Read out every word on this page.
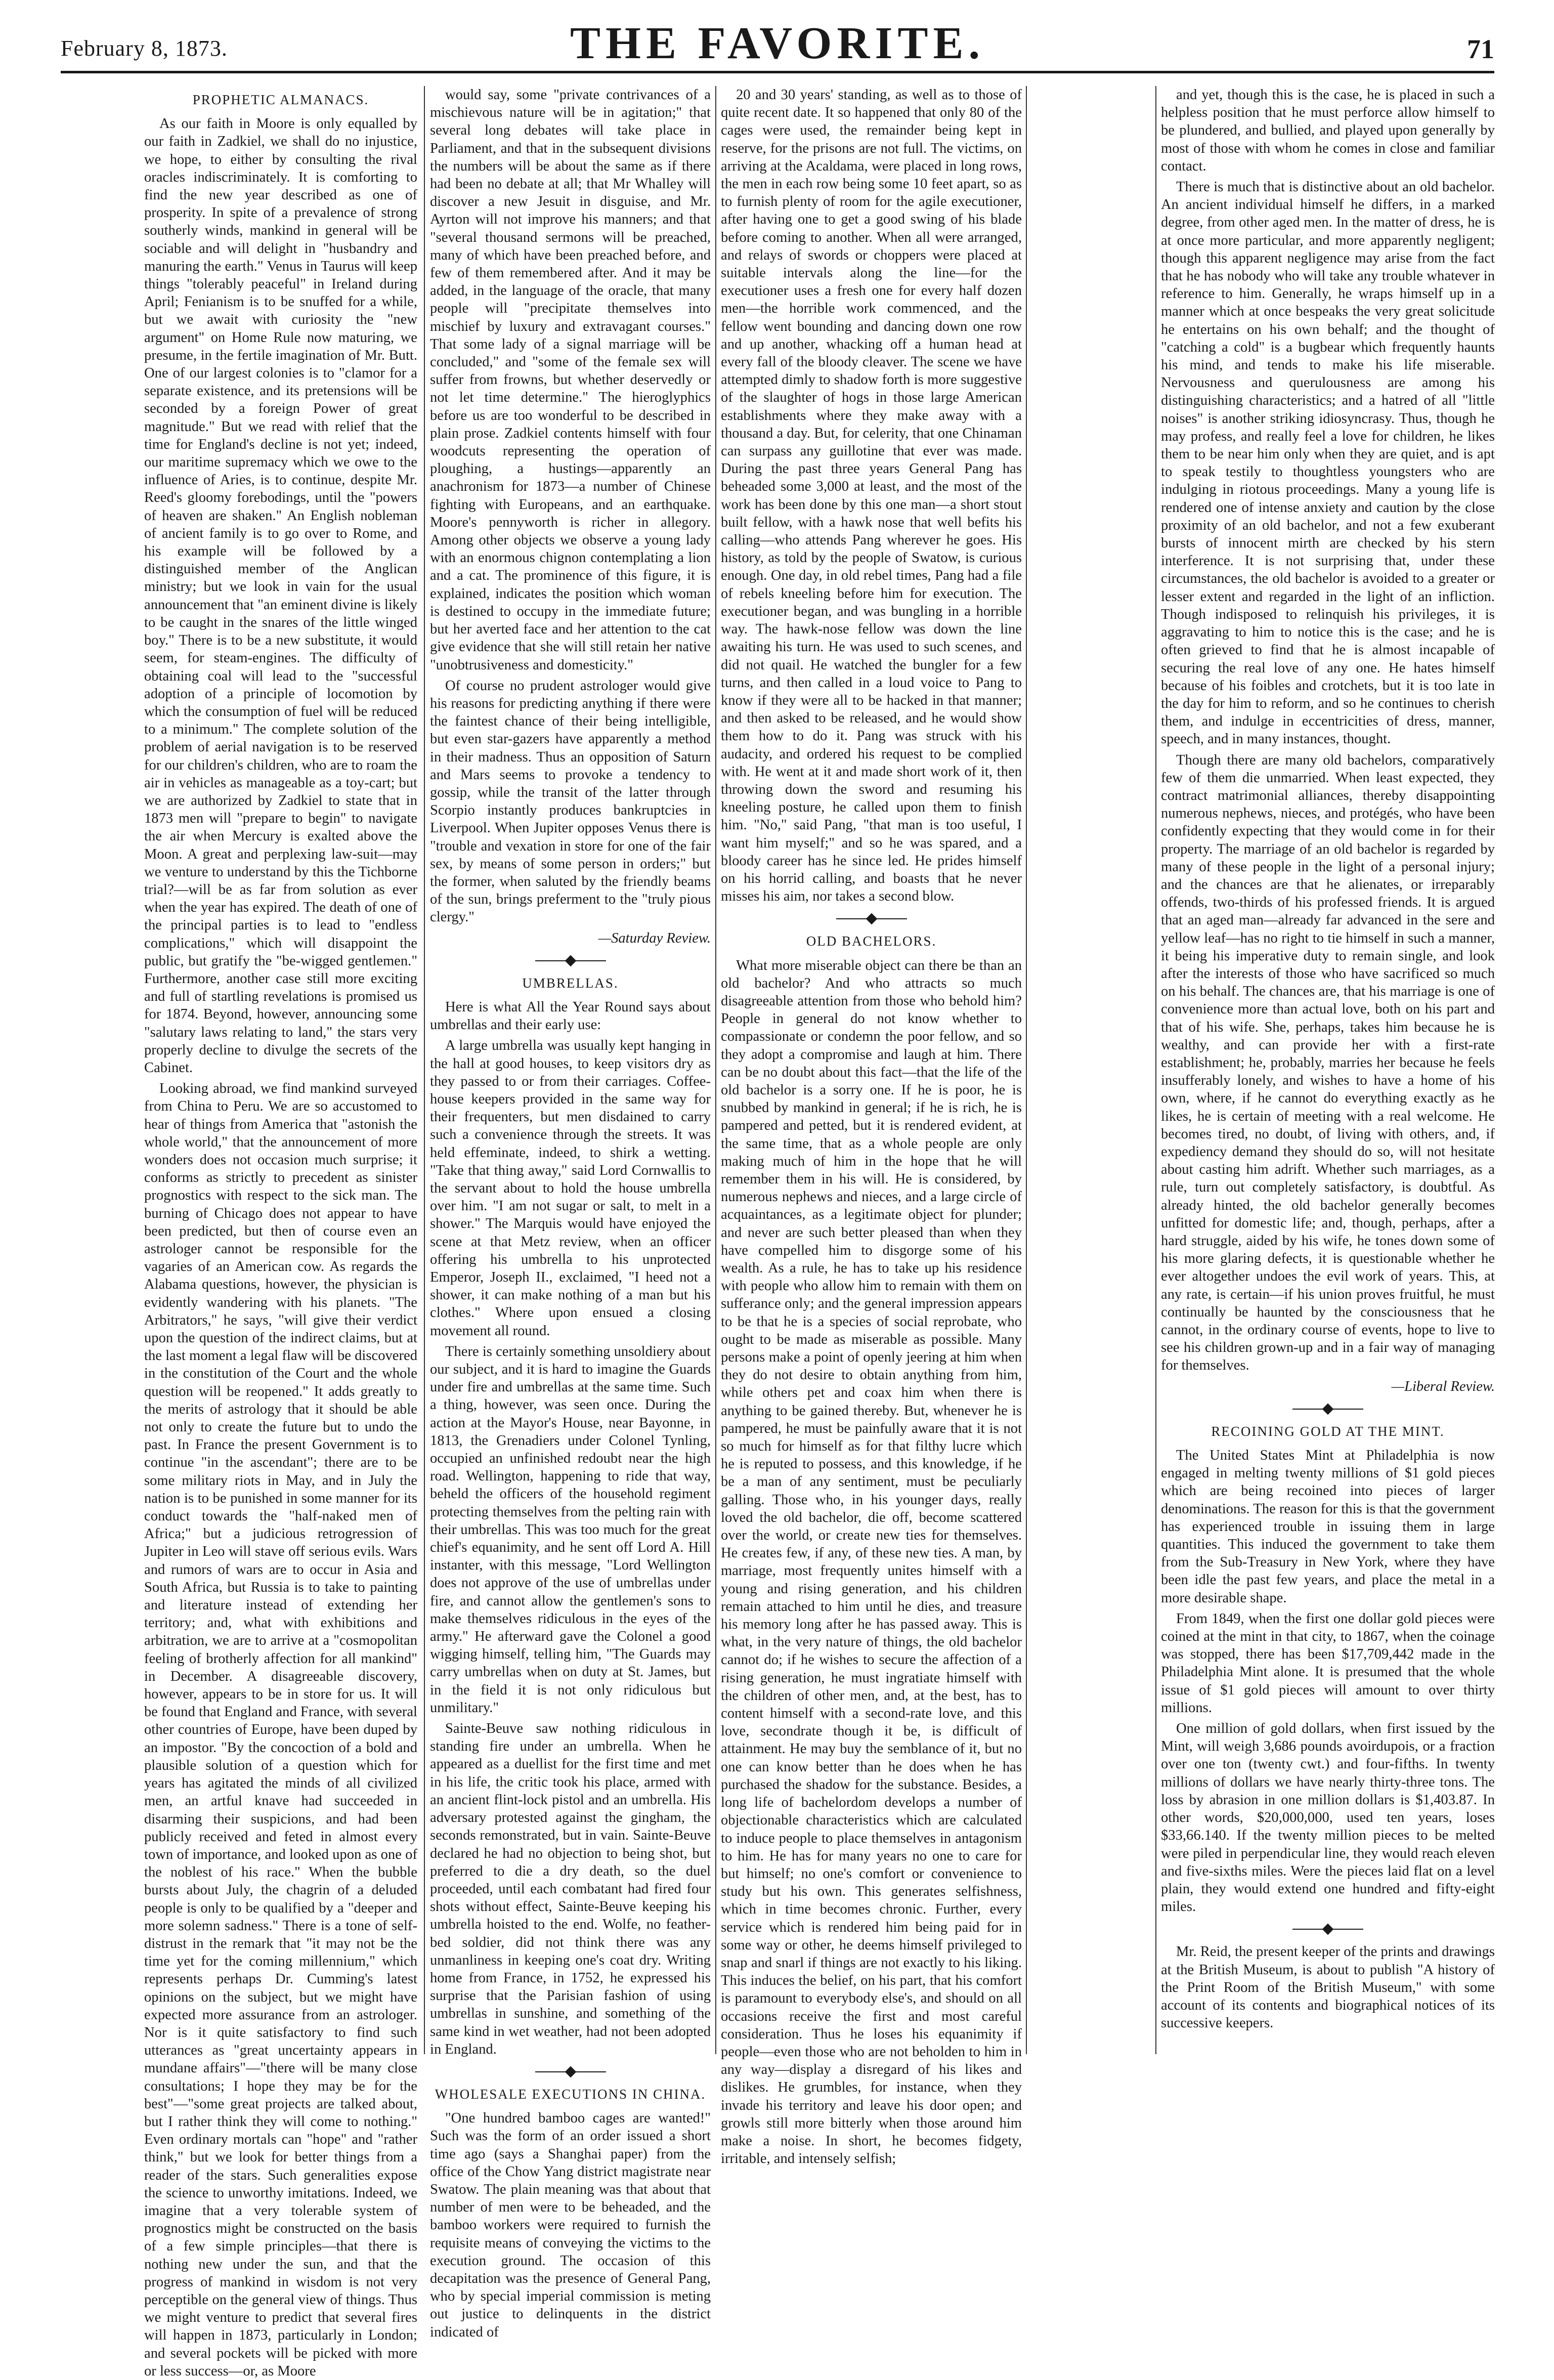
February 8, 1873.	THE FAVORITE.	71
PROPHETIC ALMANACS.

As our faith in Moore is only equalled by our faith in Zadkiel, we shall do no injustice, we hope, to either by consulting the rival oracles indiscriminately. It is comforting to find the new year described as one of prosperity. In spite of a prevalence of strong southerly winds, mankind in general will be sociable and will delight in "husbandry and manuring the earth." Venus in Taurus will keep things "tolerably peaceful" in Ireland during April; Fenianism is to be snuffed for a while, but we await with curiosity the "new argument" on Home Rule now maturing, we presume, in the fertile imagination of Mr. Butt. One of our largest colonies is to "clamor for a separate existence, and its pretensions will be seconded by a foreign Power of great magnitude." But we read with relief that the time for England's decline is not yet; indeed, our maritime supremacy which we owe to the influence of Aries, is to continue, despite Mr. Reed's gloomy forebodings, until the "powers of heaven are shaken." An English nobleman of ancient family is to go over to Rome, and his example will be followed by a distinguished member of the Anglican ministry; but we look in vain for the usual announcement that "an eminent divine is likely to be caught in the snares of the little winged boy." There is to be a new substitute, it would seem, for steam-engines. The difficulty of obtaining coal will lead to the "successful adoption of a principle of locomotion by which the consumption of fuel will be reduced to a minimum." The complete solution of the problem of aerial navigation is to be reserved for our children's children, who are to roam the air in vehicles as manageable as a toy-cart; but we are authorized by Zadkiel to state that in 1873 men will "prepare to begin" to navigate the air when Mercury is exalted above the Moon. A great and perplexing law-suit—may we venture to understand by this the Tichborne trial?—will be as far from solution as ever when the year has expired. The death of one of the principal parties is to lead to "endless complications," which will disappoint the public, but gratify the "be-wigged gentlemen." Furthermore, another case still more exciting and full of startling revelations is promised us for 1874. Beyond, however, announcing some "salutary laws relating to land," the stars very properly decline to divulge the secrets of the Cabinet.

Looking abroad, we find mankind surveyed from China to Peru. We are so accustomed to hear of things from America that "astonish the whole world," that the announcement of more wonders does not occasion much surprise; it conforms as strictly to precedent as sinister prognostics with respect to the sick man. The burning of Chicago does not appear to have been predicted, but then of course even an astrologer cannot be responsible for the vagaries of an American cow. As regards the Alabama questions, however, the physician is evidently wandering with his planets. "The Arbitrators," he says, "will give their verdict upon the question of the indirect claims, but at the last moment a legal flaw will be discovered in the constitution of the Court and the whole question will be reopened." It adds greatly to the merits of astrology that it should be able not only to create the future but to undo the past. In France the present Government is to continue "in the ascendant"; there are to be some military riots in May, and in July the nation is to be punished in some manner for its conduct towards the "half-naked men of Africa;" but a judicious retrogression of Jupiter in Leo will stave off serious evils. Wars and rumors of wars are to occur in Asia and South Africa, but Russia is to take to painting and literature instead of extending her territory; and, what with exhibitions and arbitration, we are to arrive at a "cosmopolitan feeling of brotherly affection for all mankind" in December. A disagreeable discovery, however, appears to be in store for us. It will be found that England and France, with several other countries of Europe, have been duped by an impostor. "By the concoction of a bold and plausible solution of a question which for years has agitated the minds of all civilized men, an artful knave had succeeded in disarming their suspicions, and had been publicly received and feted in almost every town of importance, and looked upon as one of the noblest of his race." When the bubble bursts about July, the chagrin of a deluded people is only to be qualified by a "deeper and more solemn sadness." There is a tone of self-distrust in the remark that "it may not be the time yet for the coming millennium," which represents perhaps Dr. Cumming's latest opinions on the subject, but we might have expected more assurance from an astrologer. Nor is it quite satisfactory to find such utterances as "great uncertainty appears in mundane affairs"—"there will be many close consultations; I hope they may be for the best"—"some great projects are talked about, but I rather think they will come to nothing." Even ordinary mortals can "hope" and "rather think," but we look for better things from a reader of the stars. Such generalities expose the science to unworthy imitations. Indeed, we imagine that a very tolerable system of prognostics might be constructed on the basis of a few simple principles—that there is nothing new under the sun, and that the progress of mankind in wisdom is not very perceptible on the general view of things. Thus we might venture to predict that several fires will happen in 1873, particularly in London; and several pockets will be picked with more or less success—or, as Moore

would say, some "private contrivances of a mischievous nature will be in agitation;" that several long debates will take place in Parliament, and that in the subsequent divisions the numbers will be about the same as if there had been no debate at all; that Mr Whalley will discover a new Jesuit in disguise, and Mr. Ayrton will not improve his manners; and that "several thousand sermons will be preached, many of which have been preached before, and few of them remembered after. And it may be added, in the language of the oracle, that many people will "precipitate themselves into mischief by luxury and extravagant courses." That some lady of a signal marriage will be concluded," and "some of the female sex will suffer from frowns, but whether deservedly or not let time determine." The hieroglyphics before us are too wonderful to be described in plain prose. Zadkiel contents himself with four woodcuts representing the operation of ploughing, a hustings—apparently an anachronism for 1873—a number of Chinese fighting with Europeans, and an earthquake. Moore's pennyworth is richer in allegory. Among other objects we observe a young lady with an enormous chignon contemplating a lion and a cat. The prominence of this figure, it is explained, indicates the position which woman is destined to occupy in the immediate future; but her averted face and her attention to the cat give evidence that she will still retain her native "unobtrusiveness and domesticity."

Of course no prudent astrologer would give his reasons for predicting anything if there were the faintest chance of their being intelligible, but even star-gazers have apparently a method in their madness. Thus an opposition of Saturn and Mars seems to provoke a tendency to gossip, while the transit of the latter through Scorpio instantly produces bankruptcies in Liverpool. When Jupiter opposes Venus there is "trouble and vexation in store for one of the fair sex, by means of some person in orders;" but the former, when saluted by the friendly beams of the sun, brings preferment to the "truly pious clergy."

—Saturday Review.

UMBRELLAS.

Here is what All the Year Round says about umbrellas and their early use:

A large umbrella was usually kept hanging in the hall at good houses, to keep visitors dry as they passed to or from their carriages. Coffee-house keepers provided in the same way for their frequenters, but men disdained to carry such a convenience through the streets. It was held effeminate, indeed, to shirk a wetting. "Take that thing away," said Lord Cornwallis to the servant about to hold the house umbrella over him. "I am not sugar or salt, to melt in a shower." The Marquis would have enjoyed the scene at that Metz review, when an officer offering his umbrella to his unprotected Emperor, Joseph II., exclaimed, "I heed not a shower, it can make nothing of a man but his clothes." Where upon ensued a closing movement all round.

There is certainly something unsoldiery about our subject, and it is hard to imagine the Guards under fire and umbrellas at the same time. Such a thing, however, was seen once. During the action at the Mayor's House, near Bayonne, in 1813, the Grenadiers under Colonel Tynling, occupied an unfinished redoubt near the high road. Wellington, happening to ride that way, beheld the officers of the household regiment protecting themselves from the pelting rain with their umbrellas. This was too much for the great chief's equanimity, and he sent off Lord A. Hill instanter, with this message, "Lord Wellington does not approve of the use of umbrellas under fire, and cannot allow the gentlemen's sons to make themselves ridiculous in the eyes of the army." He afterward gave the Colonel a good wigging himself, telling him, "The Guards may carry umbrellas when on duty at St. James, but in the field it is not only ridiculous but unmilitary."

Sainte-Beuve saw nothing ridiculous in standing fire under an umbrella. When he appeared as a duellist for the first time and met in his life, the critic took his place, armed with an ancient flint-lock pistol and an umbrella. His adversary protested against the gingham, the seconds remonstrated, but in vain. Sainte-Beuve declared he had no objection to being shot, but preferred to die a dry death, so the duel proceeded, until each combatant had fired four shots without effect, Sainte-Beuve keeping his umbrella hoisted to the end. Wolfe, no feather-bed soldier, did not think there was any unmanliness in keeping one's coat dry. Writing home from France, in 1752, he expressed his surprise that the Parisian fashion of using umbrellas in sunshine, and something of the same kind in wet weather, had not been adopted in England.

WHOLESALE EXECUTIONS IN CHINA.

"One hundred bamboo cages are wanted!" Such was the form of an order issued a short time ago (says a Shanghai paper) from the office of the Chow Yang district magistrate near Swatow. The plain meaning was that about that number of men were to be beheaded, and the bamboo workers were required to furnish the requisite means of conveying the victims to the execution ground. The occasion of this decapitation was the presence of General Pang, who by special imperial commission is meting out justice to delinquents in the district indicated of

20 and 30 years' standing, as well as to those of quite recent date. It so happened that only 80 of the cages were used, the remainder being kept in reserve, for the prisons are not full. The victims, on arriving at the Acaldama, were placed in long rows, the men in each row being some 10 feet apart, so as to furnish plenty of room for the agile executioner, after having one to get a good swing of his blade before coming to another. When all were arranged, and relays of swords or choppers were placed at suitable intervals along the line—for the executioner uses a fresh one for every half dozen men—the horrible work commenced, and the fellow went bounding and dancing down one row and up another, whacking off a human head at every fall of the bloody cleaver. The scene we have attempted dimly to shadow forth is more suggestive of the slaughter of hogs in those large American establishments where they make away with a thousand a day. But, for celerity, that one Chinaman can surpass any guillotine that ever was made. During the past three years General Pang has beheaded some 3,000 at least, and the most of the work has been done by this one man—a short stout built fellow, with a hawk nose that well befits his calling—who attends Pang wherever he goes. His history, as told by the people of Swatow, is curious enough. One day, in old rebel times, Pang had a file of rebels kneeling before him for execution. The executioner began, and was bungling in a horrible way. The hawk-nose fellow was down the line awaiting his turn. He was used to such scenes, and did not quail. He watched the bungler for a few turns, and then called in a loud voice to Pang to know if they were all to be hacked in that manner; and then asked to be released, and he would show them how to do it. Pang was struck with his audacity, and ordered his request to be complied with. He went at it and made short work of it, then throwing down the sword and resuming his kneeling posture, he called upon them to finish him. "No," said Pang, "that man is too useful, I want him myself;" and so he was spared, and a bloody career has he since led. He prides himself on his horrid calling, and boasts that he never misses his aim, nor takes a second blow.

OLD BACHELORS.

What more miserable object can there be than an old bachelor? And who attracts so much disagreeable attention from those who behold him? People in general do not know whether to compassionate or condemn the poor fellow, and so they adopt a compromise and laugh at him. There can be no doubt about this fact—that the life of the old bachelor is a sorry one. If he is poor, he is snubbed by mankind in general; if he is rich, he is pampered and petted, but it is rendered evident, at the same time, that as a whole people are only making much of him in the hope that he will remember them in his will. He is considered, by numerous nephews and nieces, and a large circle of acquaintances, as a legitimate object for plunder; and never are such better pleased than when they have compelled him to disgorge some of his wealth. As a rule, he has to take up his residence with people who allow him to remain with them on sufferance only; and the general impression appears to be that he is a species of social reprobate, who ought to be made as miserable as possible. Many persons make a point of openly jeering at him when they do not desire to obtain anything from him, while others pet and coax him when there is anything to be gained thereby. But, whenever he is pampered, he must be painfully aware that it is not so much for himself as for that filthy lucre which he is reputed to possess, and this knowledge, if he be a man of any sentiment, must be peculiarly galling. Those who, in his younger days, really loved the old bachelor, die off, become scattered over the world, or create new ties for themselves. He creates few, if any, of these new ties. A man, by marriage, most frequently unites himself with a young and rising generation, and his children remain attached to him until he dies, and treasure his memory long after he has passed away. This is what, in the very nature of things, the old bachelor cannot do; if he wishes to secure the affection of a rising generation, he must ingratiate himself with the children of other men, and, at the best, has to content himself with a second-rate love, and this love, secondrate though it be, is difficult of attainment. He may buy the semblance of it, but no one can know better than he does when he has purchased the shadow for the substance. Besides, a long life of bachelordom develops a number of objectionable characteristics which are calculated to induce people to place themselves in antagonism to him. He has for many years no one to care for but himself; no one's comfort or convenience to study but his own. This generates selfishness, which in time becomes chronic. Further, every service which is rendered him being paid for in some way or other, he deems himself privileged to snap and snarl if things are not exactly to his liking. This induces the belief, on his part, that his comfort is paramount to everybody else's, and should on all occasions receive the first and most careful consideration. Thus he loses his equanimity if people—even those who are not beholden to him in any way—display a disregard of his likes and dislikes. He grumbles, for instance, when they invade his territory and leave his door open; and growls still more bitterly when those around him make a noise. In short, he becomes fidgety, irritable, and intensely selfish;

and yet, though this is the case, he is placed in such a helpless position that he must perforce allow himself to be plundered, and bullied, and played upon generally by most of those with whom he comes in close and familiar contact.

There is much that is distinctive about an old bachelor. An ancient individual himself he differs, in a marked degree, from other aged men. In the matter of dress, he is at once more particular, and more apparently negligent; though this apparent negligence may arise from the fact that he has nobody who will take any trouble whatever in reference to him. Generally, he wraps himself up in a manner which at once bespeaks the very great solicitude he entertains on his own behalf; and the thought of "catching a cold" is a bugbear which frequently haunts his mind, and tends to make his life miserable. Nervousness and querulousness are among his distinguishing characteristics; and a hatred of all "little noises" is another striking idiosyncrasy. Thus, though he may profess, and really feel a love for children, he likes them to be near him only when they are quiet, and is apt to speak testily to thoughtless youngsters who are indulging in riotous proceedings. Many a young life is rendered one of intense anxiety and caution by the close proximity of an old bachelor, and not a few exuberant bursts of innocent mirth are checked by his stern interference. It is not surprising that, under these circumstances, the old bachelor is avoided to a greater or lesser extent and regarded in the light of an infliction. Though indisposed to relinquish his privileges, it is aggravating to him to notice this is the case; and he is often grieved to find that he is almost incapable of securing the real love of any one. He hates himself because of his foibles and crotchets, but it is too late in the day for him to reform, and so he continues to cherish them, and indulge in eccentricities of dress, manner, speech, and in many instances, thought.

Though there are many old bachelors, comparatively few of them die unmarried. When least expected, they contract matrimonial alliances, thereby disappointing numerous nephews, nieces, and protégés, who have been confidently expecting that they would come in for their property. The marriage of an old bachelor is regarded by many of these people in the light of a personal injury; and the chances are that he alienates, or irreparably offends, two-thirds of his professed friends. It is argued that an aged man—already far advanced in the sere and yellow leaf—has no right to tie himself in such a manner, it being his imperative duty to remain single, and look after the interests of those who have sacrificed so much on his behalf. The chances are, that his marriage is one of convenience more than actual love, both on his part and that of his wife. She, perhaps, takes him because he is wealthy, and can provide her with a first-rate establishment; he, probably, marries her because he feels insufferably lonely, and wishes to have a home of his own, where, if he cannot do everything exactly as he likes, he is certain of meeting with a real welcome. He becomes tired, no doubt, of living with others, and, if expediency demand they should do so, will not hesitate about casting him adrift. Whether such marriages, as a rule, turn out completely satisfactory, is doubtful. As already hinted, the old bachelor generally becomes unfitted for domestic life; and, though, perhaps, after a hard struggle, aided by his wife, he tones down some of his more glaring defects, it is questionable whether he ever altogether undoes the evil work of years. This, at any rate, is certain—if his union proves fruitful, he must continually be haunted by the consciousness that he cannot, in the ordinary course of events, hope to live to see his children grown-up and in a fair way of managing for themselves.

—Liberal Review.

RECOINING GOLD AT THE MINT.

The United States Mint at Philadelphia is now engaged in melting twenty millions of $1 gold pieces which are being recoined into pieces of larger denominations. The reason for this is that the government has experienced trouble in issuing them in large quantities. This induced the government to take them from the Sub-Treasury in New York, where they have been idle the past few years, and place the metal in a more desirable shape.

From 1849, when the first one dollar gold pieces were coined at the mint in that city, to 1867, when the coinage was stopped, there has been $17,709,442 made in the Philadelphia Mint alone. It is presumed that the whole issue of $1 gold pieces will amount to over thirty millions.

One million of gold dollars, when first issued by the Mint, will weigh 3,686 pounds avoirdupois, or a fraction over one ton (twenty cwt.) and four-fifths. In twenty millions of dollars we have nearly thirty-three tons. The loss by abrasion in one million dollars is $1,403.87. In other words, $20,000,000, used ten years, loses $33,66.140. If the twenty million pieces to be melted were piled in perpendicular line, they would reach eleven and five-sixths miles. Were the pieces laid flat on a level plain, they would extend one hundred and fifty-eight miles.

Mr. Reid, the present keeper of the prints and drawings at the British Museum, is about to publish "A history of the Print Room of the British Museum," with some account of its contents and biographical notices of its successive keepers.
